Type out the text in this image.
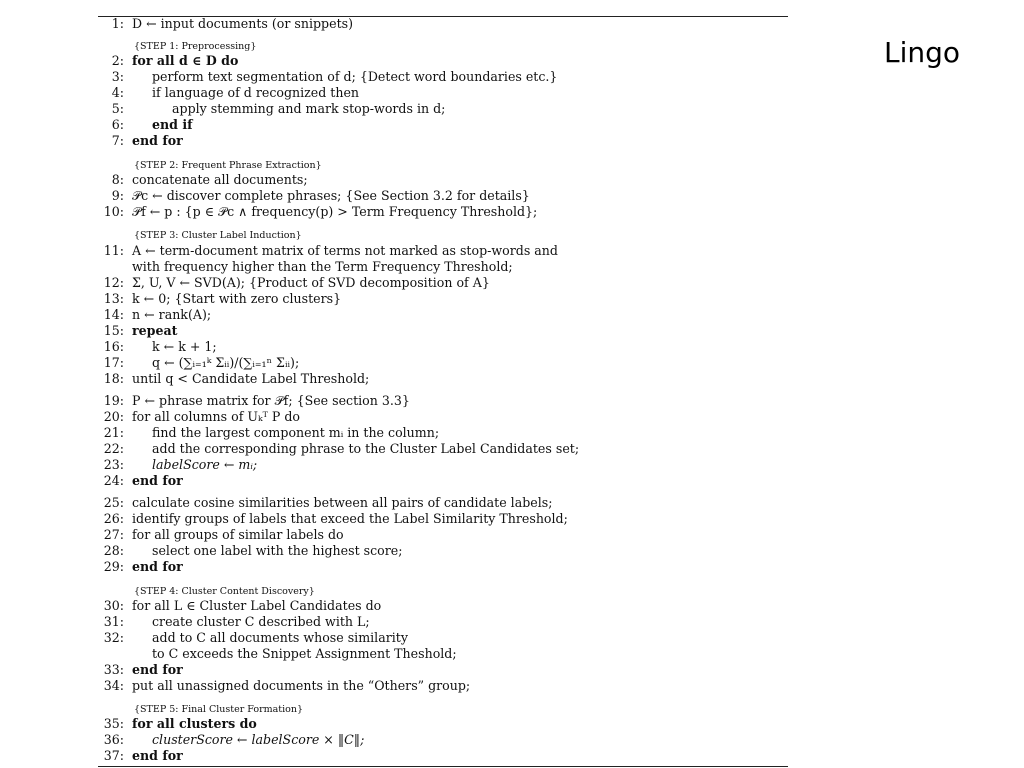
Lingo
1: D ← input documents (or snippets)
{STEP 1: Preprocessing}
2: for all d ∈ D do
3: perform text segmentation of d; {Detect word boundaries etc.}
4: if language of d recognized then
5:	apply stemming and mark stop-words in d;
6: end if
7: end for
{STEP 2: Frequent Phrase Extraction}
8: concatenate all documents;
9: 𝒫c ← discover complete phrases; {See Section 3.2 for details}
10: 𝒫f ← p : {p ∈ 𝒫c ∧ frequency(p) > Term Frequency Threshold};
{STEP 3: Cluster Label Induction}
11: A ← term-document matrix of terms not marked as stop-words and
with frequency higher than the Term Frequency Threshold;
12: Σ, U, V ← SVD(A); {Product of SVD decomposition of A}
13: k ← 0; {Start with zero clusters}
14: n ← rank(A);
15: repeat
16: k ← k + 1;
17: q ← (∑ᵢ₌₁ᵏ Σᵢᵢ)/(∑ᵢ₌₁ⁿ Σᵢᵢ);
18: until q < Candidate Label Threshold;
19: P ← phrase matrix for 𝒫f; {See section 3.3}
20: for all columns of Uₖᵀ P do
21: find the largest component mᵢ in the column;
22: add the corresponding phrase to the Cluster Label Candidates set;
23: labelScore ← mᵢ;
24: end for
25: calculate cosine similarities between all pairs of candidate labels;
26: identify groups of labels that exceed the Label Similarity Threshold;
27: for all groups of similar labels do
28: select one label with the highest score;
29: end for
{STEP 4: Cluster Content Discovery}
30: for all L ∈ Cluster Label Candidates do
31: create cluster C described with L;
32: add to C all documents whose similarity
to C exceeds the Snippet Assignment Theshold;
33: end for
34: put all unassigned documents in the “Others” group;
{STEP 5: Final Cluster Formation}
35: for all clusters do
36: clusterScore ← labelScore × ‖C‖;
37: end for
